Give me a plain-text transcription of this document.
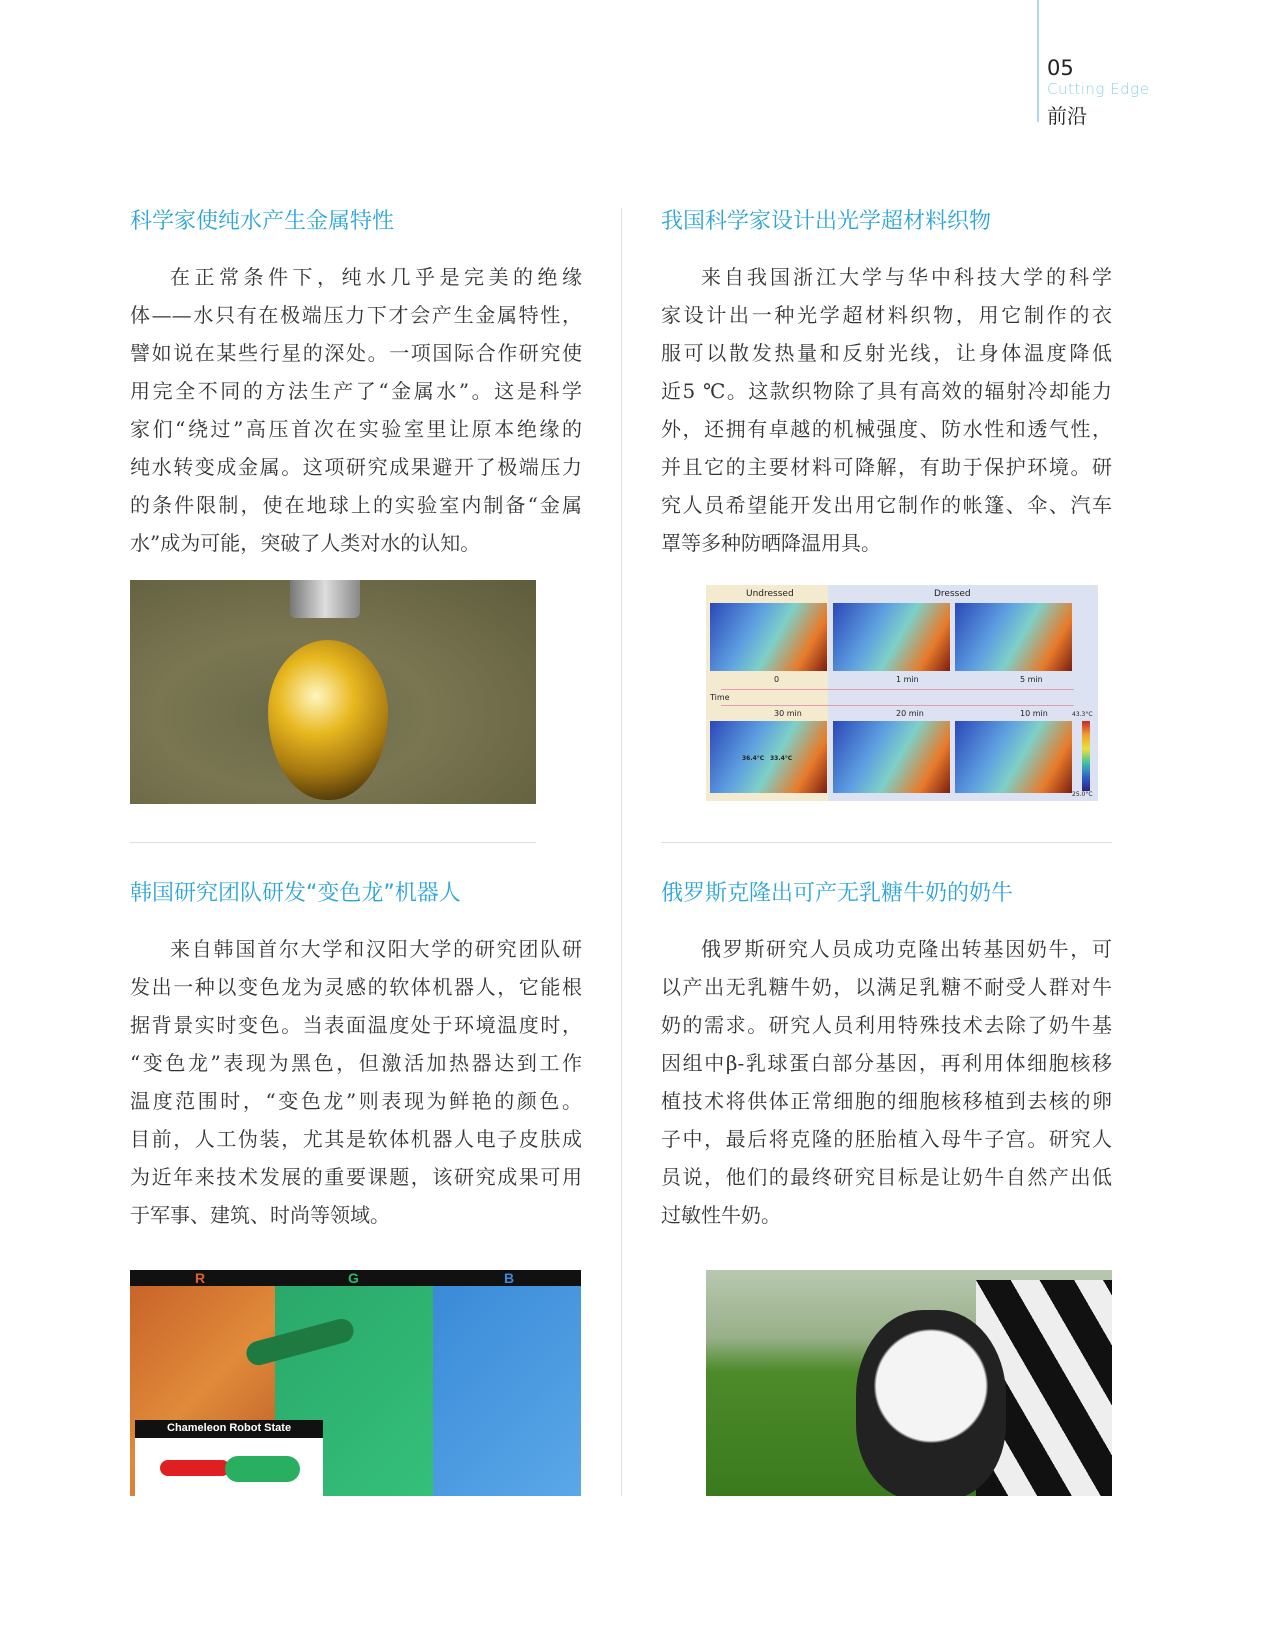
05
Cutting Edge
前沿
科学家使纯水产生金属特性
在正常条件下，纯水几乎是完美的绝缘
体——水只有在极端压力下才会产生金属特性，
譬如说在某些行星的深处。一项国际合作研究使
用完全不同的方法生产了“金属水”。这是科学
家们“绕过”高压首次在实验室里让原本绝缘的
纯水转变成金属。这项研究成果避开了极端压力
的条件限制，使在地球上的实验室内制备“金属
水”成为可能，突破了人类对水的认知。
我国科学家设计出光学超材料织物
来自我国浙江大学与华中科技大学的科学
家设计出一种光学超材料织物，用它制作的衣
服可以散发热量和反射光线，让身体温度降低
近5 ℃。这款织物除了具有高效的辐射冷却能力
外，还拥有卓越的机械强度、防水性和透气性，
并且它的主要材料可降解，有助于保护环境。研
究人员希望能开发出用它制作的帐篷、伞、汽车
罩等多种防晒降温用具。
Undressed	Dressed
0	1 min	5 min
Time
30 min	20 min	10 min
36.4°C 33.4°C
43.3°C
25.0°C
韩国研究团队研发“变色龙”机器人
来自韩国首尔大学和汉阳大学的研究团队研
发出一种以变色龙为灵感的软体机器人，它能根
据背景实时变色。当表面温度处于环境温度时，
“变色龙”表现为黑色，但激活加热器达到工作
温度范围时，“变色龙”则表现为鲜艳的颜色。
目前，人工伪装，尤其是软体机器人电子皮肤成
为近年来技术发展的重要课题，该研究成果可用
于军事、建筑、时尚等领域。
R	G	B
Chameleon Robot State
俄罗斯克隆出可产无乳糖牛奶的奶牛
俄罗斯研究人员成功克隆出转基因奶牛，可
以产出无乳糖牛奶，以满足乳糖不耐受人群对牛
奶的需求。研究人员利用特殊技术去除了奶牛基
因组中β-乳球蛋白部分基因，再利用体细胞核移
植技术将供体正常细胞的细胞核移植到去核的卵
子中，最后将克隆的胚胎植入母牛子宫。研究人
员说，他们的最终研究目标是让奶牛自然产出低
过敏性牛奶。
